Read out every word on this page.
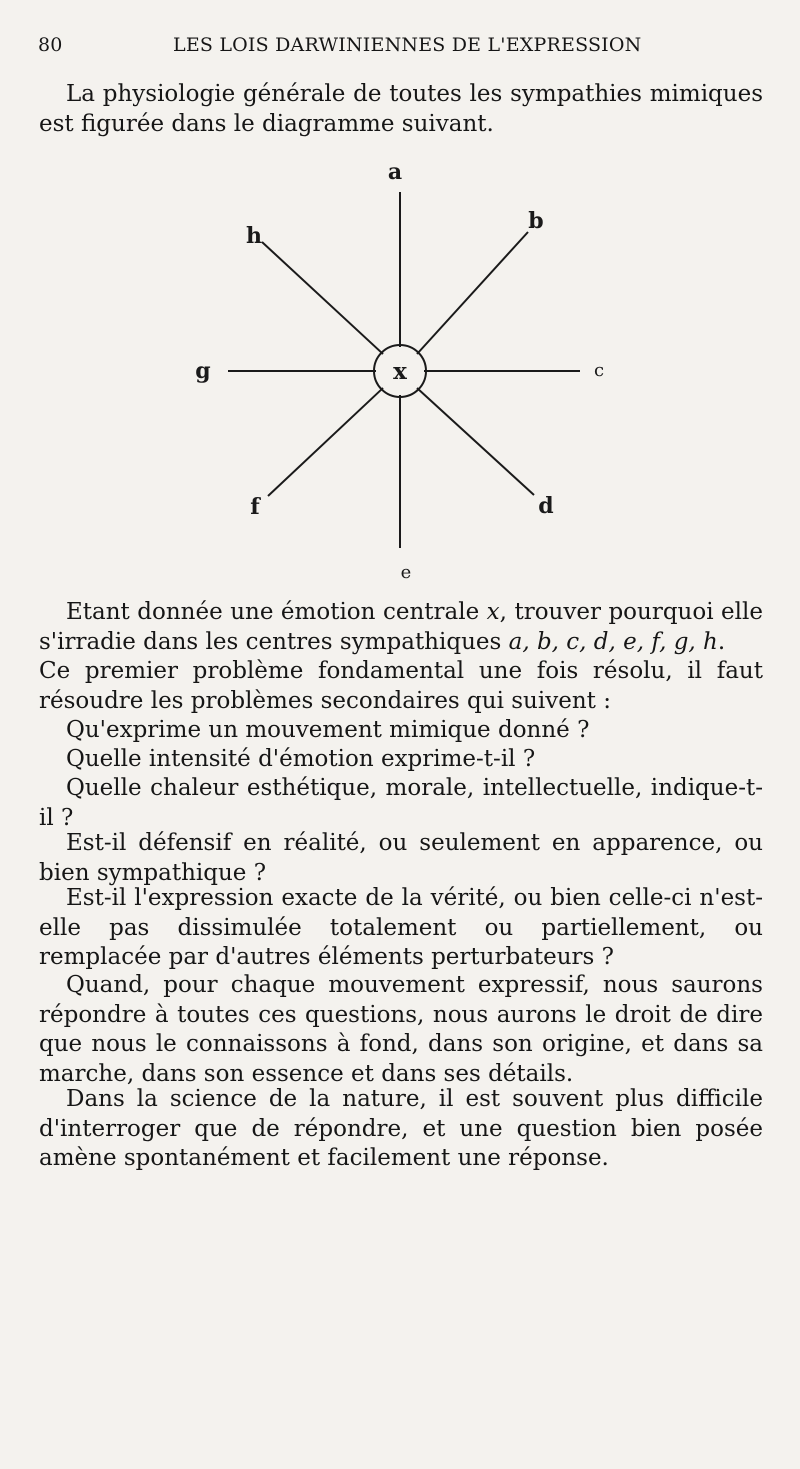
80	LES LOIS DARWINIENNES DE L'EXPRESSION

La physiologie générale de toutes les sympathies mimiques est figurée dans le diagramme suivant.

x
a
h
b
g	c
f	d
e

Etant donnée une émotion centrale x, trouver pourquoi elle s'irradie dans les centres sympathiques a, b, c, d, e, f, g, h.

Ce premier problème fondamental une fois résolu, il faut résoudre les problèmes secondaires qui suivent :

Qu'exprime un mouvement mimique donné ?

Quelle intensité d'émotion exprime-t-il ?

Quelle chaleur esthétique, morale, intellectuelle, indique-t-il ?

Est-il défensif en réalité, ou seulement en apparence, ou bien sympathique ?

Est-il l'expression exacte de la vérité, ou bien celle-ci n'est-elle pas dissimulée totalement ou partiellement, ou remplacée par d'autres éléments perturbateurs ?

Quand, pour chaque mouvement expressif, nous saurons répondre à toutes ces questions, nous aurons le droit de dire que nous le connaissons à fond, dans son origine, et dans sa marche, dans son essence et dans ses détails.

Dans la science de la nature, il est souvent plus difficile d'interroger que de répondre, et une question bien posée amène spontanément et facilement une réponse.
